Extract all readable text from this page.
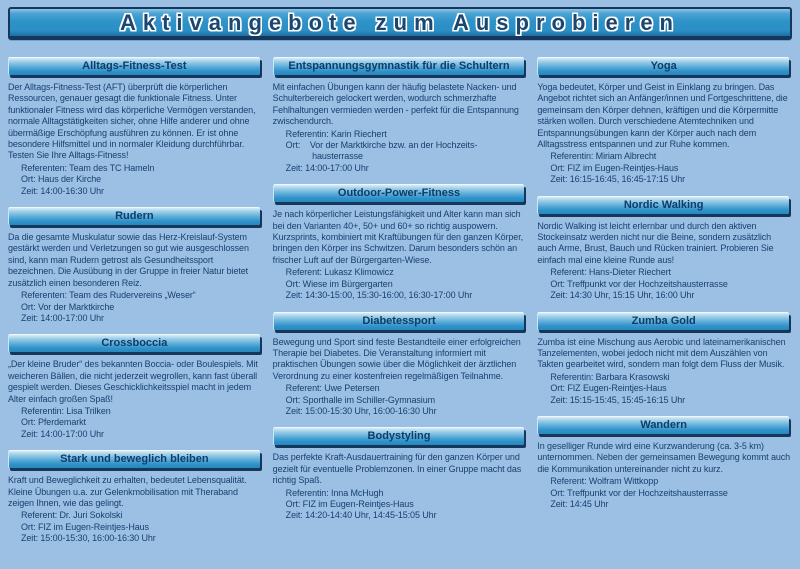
Aktivangebote zum Ausprobieren
Alltags-Fitness-Test

Der Alltags-Fitness-Test (AFT) überprüft die körperlichen Ressourcen, genauer gesagt die funktionale Fitness. Unter funktionaler Fitness wird das körperliche Vermögen verstanden, normale Alltagstätigkeiten sicher, ohne Hilfe anderer und ohne übermäßige Erschöpfung ausführen zu können. Er ist ohne besondere Hilfsmittel und in normaler Kleidung durchführbar. Testen Sie Ihre Alltags-Fitness!

Referenten: Team des TC Hameln
Ort: Haus der Kirche
Zeit: 14:00-16:30 Uhr
Rudern

Da die gesamte Muskulatur sowie das Herz-Kreislauf-System gestärkt werden und Verletzungen so gut wie ausgeschlossen sind, kann man Rudern getrost als Gesundheitssport bezeichnen. Die Ausübung in der Gruppe in freier Natur bietet zusätzlich einen besonderen Reiz.

Referenten: Team des Rudervereins „Weser“
Ort: Vor der Marktkirche
Zeit: 14:00-17:00 Uhr
Crossboccia

„Der kleine Bruder“ des bekannten Boccia- oder Boulespiels. Mit weicheren Bällen, die nicht jederzeit wegrollen, kann fast überall gespielt werden. Dieses Geschicklichkeitsspiel macht in jedem Alter einfach großen Spaß!

Referentin: Lisa Trilken
Ort: Pferdemarkt
Zeit: 14:00-17:00 Uhr
Stark und beweglich bleiben

Kraft und Beweglichkeit zu erhalten, bedeutet Lebensqualität. Kleine Übungen u.a. zur Gelenkmobilisation mit Theraband zeigen Ihnen, wie das gelingt.

Referent: Dr. Juri Sokolski
Ort: FIZ im Eugen-Reintjes-Haus
Zeit: 15:00-15:30, 16:00-16:30 Uhr
Entspannungsgymnastik für die Schultern

Mit einfachen Übungen kann der häufig belastete Nacken- und Schulterbereich gelockert werden, wodurch schmerzhafte Fehlhaltungen vermieden werden - perfekt für die Entspannung zwischendurch.

Referentin: Karin Riechert
Ort:    Vor der Marktkirche bzw. an der Hochzeits-
hausterrasse
Zeit: 14:00-17:00 Uhr
Outdoor-Power-Fitness

Je nach körperlicher Leistungsfähigkeit und Alter kann man sich bei den Varianten 40+, 50+ und 60+ so richtig auspowern. Kurzsprints, kombiniert mit Kraftübungen für den ganzen Körper, bringen den Körper ins Schwitzen. Darum besonders schön an frischer Luft auf der Bürgergarten-Wiese.

Referent: Lukasz Klimowicz
Ort: Wiese im Bürgergarten
Zeit: 14:30-15:00, 15:30-16:00, 16:30-17:00 Uhr
Diabetessport

Bewegung und Sport sind feste Bestandteile einer erfolgreichen Therapie bei Diabetes. Die Veranstaltung informiert mit praktischen Übungen sowie über die Möglichkeit der ärztlichen Verordnung zu einer kostenfreien regelmäßigen Teilnahme.

Referent: Uwe Petersen
Ort: Sporthalle im Schiller-Gymnasium
Zeit: 15:00-15:30 Uhr, 16:00-16:30 Uhr
Bodystyling

Das perfekte Kraft-Ausdauertraining für den ganzen Körper und gezielt für eventuelle Problemzonen. In einer Gruppe macht das richtig Spaß.

Referentin: Inna McHugh
Ort: FIZ im Eugen-Reintjes-Haus
Zeit: 14:20-14:40 Uhr, 14:45-15:05 Uhr
Yoga

Yoga bedeutet, Körper und Geist in Einklang zu bringen. Das Angebot richtet sich an Anfänger/innen und Fortgeschrittene, die gemeinsam den Körper dehnen, kräftigen und die Körpermitte stärken wollen. Durch verschiedene Atemtechniken und Entspannungsübungen kann der Körper auch nach dem Alltagsstress entspannen und zur Ruhe kommen.

Referentin: Miriam Albrecht
Ort: FIZ im Eugen-Reintjes-Haus
Zeit: 16:15-16:45, 16:45-17:15 Uhr
Nordic Walking

Nordic Walking ist leicht erlernbar und durch den aktiven Stockeinsatz werden nicht nur die Beine, sondern zusätzlich auch Arme, Brust, Bauch und Rücken trainiert. Probieren Sie einfach mal eine kleine Runde aus!

Referent: Hans-Dieter Riechert
Ort: Treffpunkt vor der Hochzeitshausterrasse
Zeit: 14:30 Uhr, 15:15 Uhr, 16:00 Uhr
Zumba Gold

Zumba ist eine Mischung aus Aerobic und lateinamerikanischen Tanzelementen, wobei jedoch nicht mit dem Auszählen von Takten gearbeitet wird, sondern man folgt dem Fluss der Musik.

Referentin: Barbara Krasowski
Ort: FIZ Eugen-Reintjes-Haus
Zeit: 15:15-15:45, 15:45-16:15 Uhr
Wandern

In geselliger Runde wird eine Kurzwanderung (ca. 3-5 km) unternommen. Neben der gemeinsamen Bewegung kommt auch die Kommunikation untereinander nicht zu kurz.

Referent: Wolfram Wittkopp
Ort: Treffpunkt vor der Hochzeitshausterrasse
Zeit: 14:45 Uhr
